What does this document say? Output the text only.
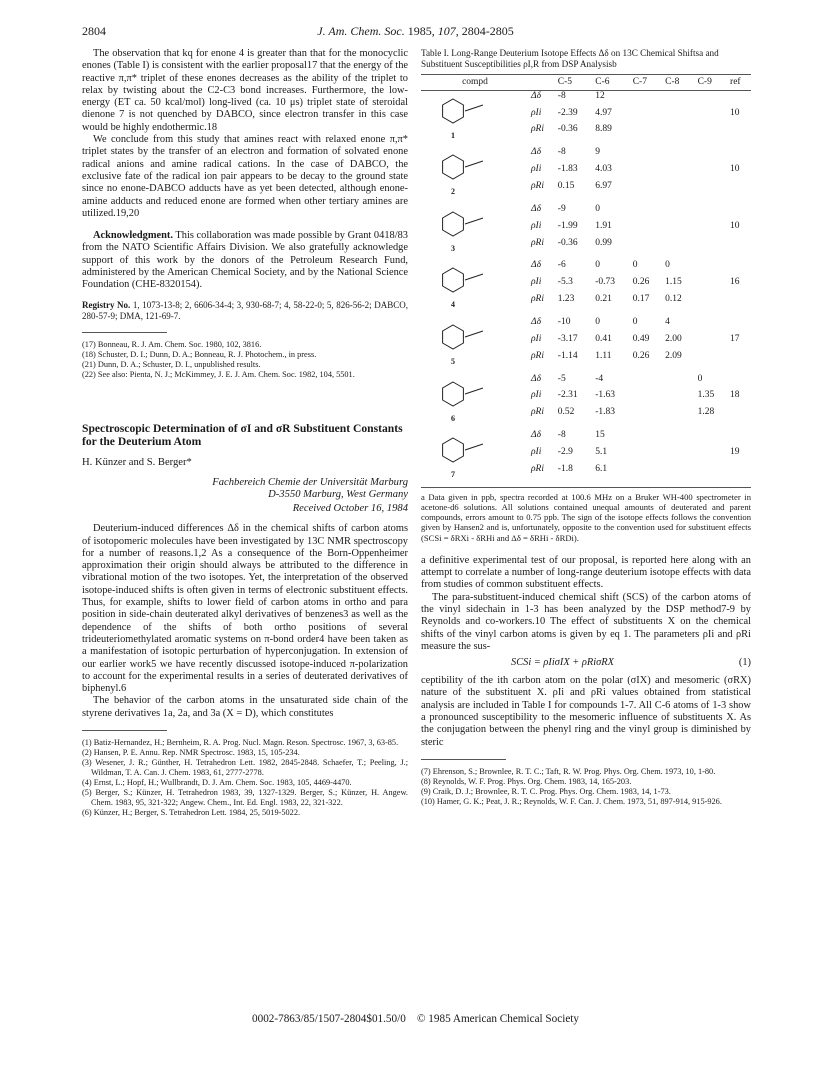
2804	J. Am. Chem. Soc. 1985, 107, 2804-2805

The observation that kq for enone 4 is greater than that for the monocyclic enones (Table I) is consistent with the earlier proposal17 that the energy of the reactive π,π* triplet of these enones decreases as the ability of the triplet to relax by twisting about the C2-C3 bond increases. Furthermore, the low-energy (ET ca. 50 kcal/mol) long-lived (ca. 10 μs) triplet state of steroidal dienone 7 is not quenched by DABCO, since electron transfer in this case would be highly endothermic.18

We conclude from this study that amines react with relaxed enone π,π* triplet states by the transfer of an electron and formation of solvated enone radical anions and amine radical cations. In the case of DABCO, the exclusive fate of the radical ion pair appears to be decay to the ground state since no enone-DABCO adducts have as yet been detected, although enone-amine adducts and reduced enone are formed when other tertiary amines are utilized.19,20

Acknowledgment. This collaboration was made possible by Grant 0418/83 from the NATO Scientific Affairs Division. We also gratefully acknowledge support of this work by the donors of the Petroleum Research Fund, administered by the American Chemical Society, and by the National Science Foundation (CHE-8320154).

Registry No. 1, 1073-13-8; 2, 6606-34-4; 3, 930-68-7; 4, 58-22-0; 5, 826-56-2; DABCO, 280-57-9; DMA, 121-69-7.

(17) Bonneau, R. J. Am. Chem. Soc. 1980, 102, 3816.
(18) Schuster, D. I.; Dunn, D. A.; Bonneau, R. J. Photochem., in press.
(21) Dunn, D. A.; Schuster, D. I., unpublished results.
(22) See also: Pienta, N. J.; McKimmey, J. E. J. Am. Chem. Soc. 1982, 104, 5501.

Spectroscopic Determination of σI and σR Substituent Constants for the Deuterium Atom

H. Künzer and S. Berger*

Fachbereich Chemie der Universität Marburg
D-3550 Marburg, West Germany
Received October 16, 1984

Deuterium-induced differences Δδ in the chemical shifts of carbon atoms of isotopomeric molecules have been investigated by 13C NMR spectroscopy for a number of reasons.1,2 As a consequence of the Born-Oppenheimer approximation their origin should always be attributed to the difference in vibrational motion of the two isotopes. Yet, the interpretation of the observed isotope-induced shifts is often given in terms of electronic substituent effects. Thus, for example, shifts to lower field of carbon atoms in ortho and para position in side-chain deuterated alkyl derivatives of benzenes3 as well as the dependence of the shifts of both ortho positions of several trideuteriomethylated aromatic systems on π-bond order4 have been taken as a manifestation of isotopic perturbation of hyperconjugation. In extension of our earlier work5 we have recently discussed isotope-induced π-polarization to account for the experimental results in a series of deuterated derivatives of biphenyl.6

The behavior of the carbon atoms in the unsaturated side chain of the styrene derivatives 1a, 2a, and 3a (X = D), which constitutes

(1) Batiz-Hernandez, H.; Bernheim, R. A. Prog. Nucl. Magn. Reson. Spectrosc. 1967, 3, 63-85.
(2) Hansen, P. E. Annu. Rep. NMR Spectrosc. 1983, 15, 105-234.
(3) Wesener, J. R.; Günther, H. Tetrahedron Lett. 1982, 2845-2848. Schaefer, T.; Peeling, J.; Wildman, T. A. Can. J. Chem. 1983, 61, 2777-2778.
(4) Ernst, L.; Hopf, H.; Wullbrandt, D. J. Am. Chem. Soc. 1983, 105, 4469-4470.
(5) Berger, S.; Künzer, H. Tetrahedron 1983, 39, 1327-1329. Berger, S.; Künzer, H. Angew. Chem. 1983, 95, 321-322; Angew. Chem., Int. Ed. Engl. 1983, 22, 321-322.
(6) Künzer, H.; Berger, S. Tetrahedron Lett. 1984, 25, 5019-5022.

Table I. Long-Range Deuterium Isotope Effects Δδ on 13C Chemical Shiftsa and Substituent Susceptibilities ρI,R from DSP Analysisb

compd		C-5	C-6	C-7	C-8	C-9	ref

1	Δδ	-8	12				
	ρIi	-2.39	4.97				10
	ρRi	-0.36	8.89				

2	Δδ	-8	9				
	ρIi	-1.83	4.03				10
	ρRi	0.15	6.97				

3	Δδ	-9	0				
	ρIi	-1.99	1.91				10
	ρRi	-0.36	0.99				

4	Δδ	-6	0	0	0		
	ρIi	-5.3	-0.73	0.26	1.15		16
	ρRi	1.23	0.21	0.17	0.12		

5	Δδ	-10	0	0	4		
	ρIi	-3.17	0.41	0.49	2.00		17
	ρRi	-1.14	1.11	0.26	2.09		

6	Δδ	-5	-4			0	
	ρIi	-2.31	-1.63			1.35	18
	ρRi	0.52	-1.83			1.28	

7	Δδ	-8	15				
	ρIi	-2.9	5.1				19
	ρRi	-1.8	6.1				

a Data given in ppb, spectra recorded at 100.6 MHz on a Bruker WH-400 spectrometer in acetone-d6 solutions. All solutions contained unequal amounts of deuterated and parent compounds, errors amount to 0.75 ppb. The sign of the isotope effects follows the convention given by Hansen2 and is, unfortunately, opposite to the convention used for substituent effects (SCSi = δRXi - δRHi and Δδ = δRHi - δRDi).

a definitive experimental test of our proposal, is reported here along with an attempt to correlate a number of long-range deuterium isotope effects with data from studies of common substituent effects.

The para-substituent-induced chemical shift (SCS) of the carbon atoms of the vinyl sidechain in 1-3 has been analyzed by the DSP method7-9 by Reynolds and co-workers.10 The effect of substituents X on the chemical shifts of the vinyl carbon atoms is given by eq 1. The parameters ρIi and ρRi measure the sus-

SCSi = ρIiσIX + ρRiσRX	(1)

ceptibility of the ith carbon atom on the polar (σIX) and mesomeric (σRX) nature of the substituent X. ρIi and ρRi values obtained from statistical analysis are included in Table I for compounds 1-7. All C-6 atoms of 1-3 show a pronounced susceptibility to the mesomeric influence of substituents X. As the conjugation between the phenyl ring and the vinyl group is diminished by steric

(7) Ehrenson, S.; Brownlee, R. T. C.; Taft, R. W. Prog. Phys. Org. Chem. 1973, 10, 1-80.
(8) Reynolds, W. F. Prog. Phys. Org. Chem. 1983, 14, 165-203.
(9) Craik, D. J.; Brownlee, R. T. C. Prog. Phys. Org. Chem. 1983, 14, 1-73.
(10) Hamer, G. K.; Peat, J. R.; Reynolds, W. F. Can. J. Chem. 1973, 51, 897-914, 915-926.
0002-7863/85/1507-2804$01.50/0 © 1985 American Chemical Society
